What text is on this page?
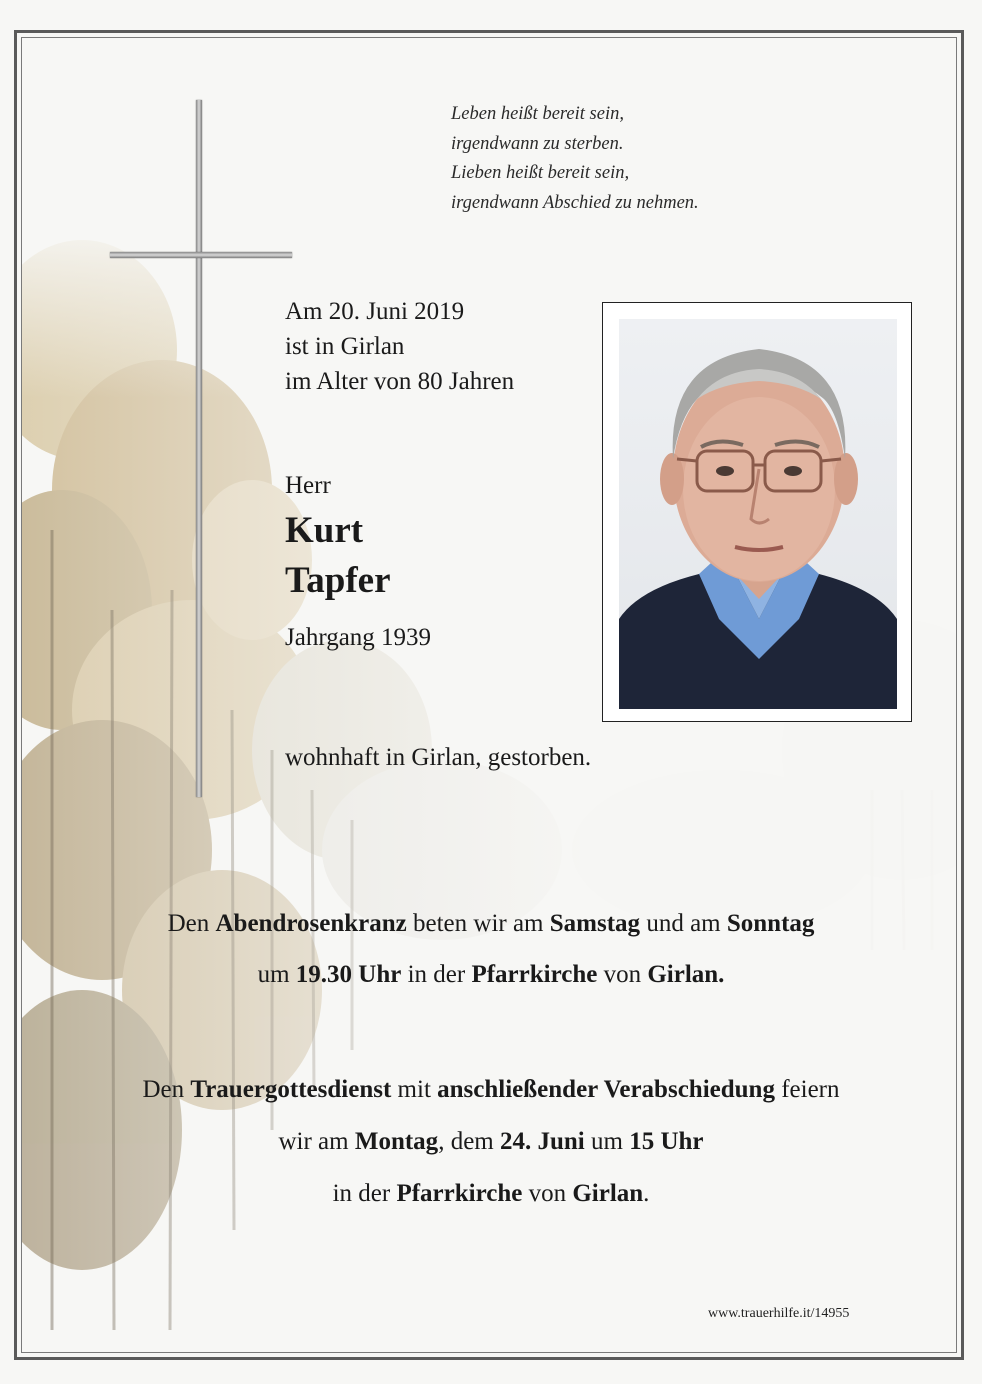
Leben heißt bereit sein,
irgendwann zu sterben.
Lieben heißt bereit sein,
irgendwann Abschied zu nehmen.
Am 20. Juni 2019
ist in Girlan
im Alter von 80 Jahren
Herr
Kurt
Tapfer
Jahrgang 1939
wohnhaft in Girlan, gestorben.
Den Abendrosenkranz beten wir am Samstag und am Sonntag
um 19.30 Uhr in der Pfarrkirche von Girlan.
Den Trauergottesdienst mit anschließender Verabschiedung feiern
wir am Montag, dem 24. Juni um 15 Uhr
in der Pfarrkirche von Girlan.
www.trauerhilfe.it/14955
